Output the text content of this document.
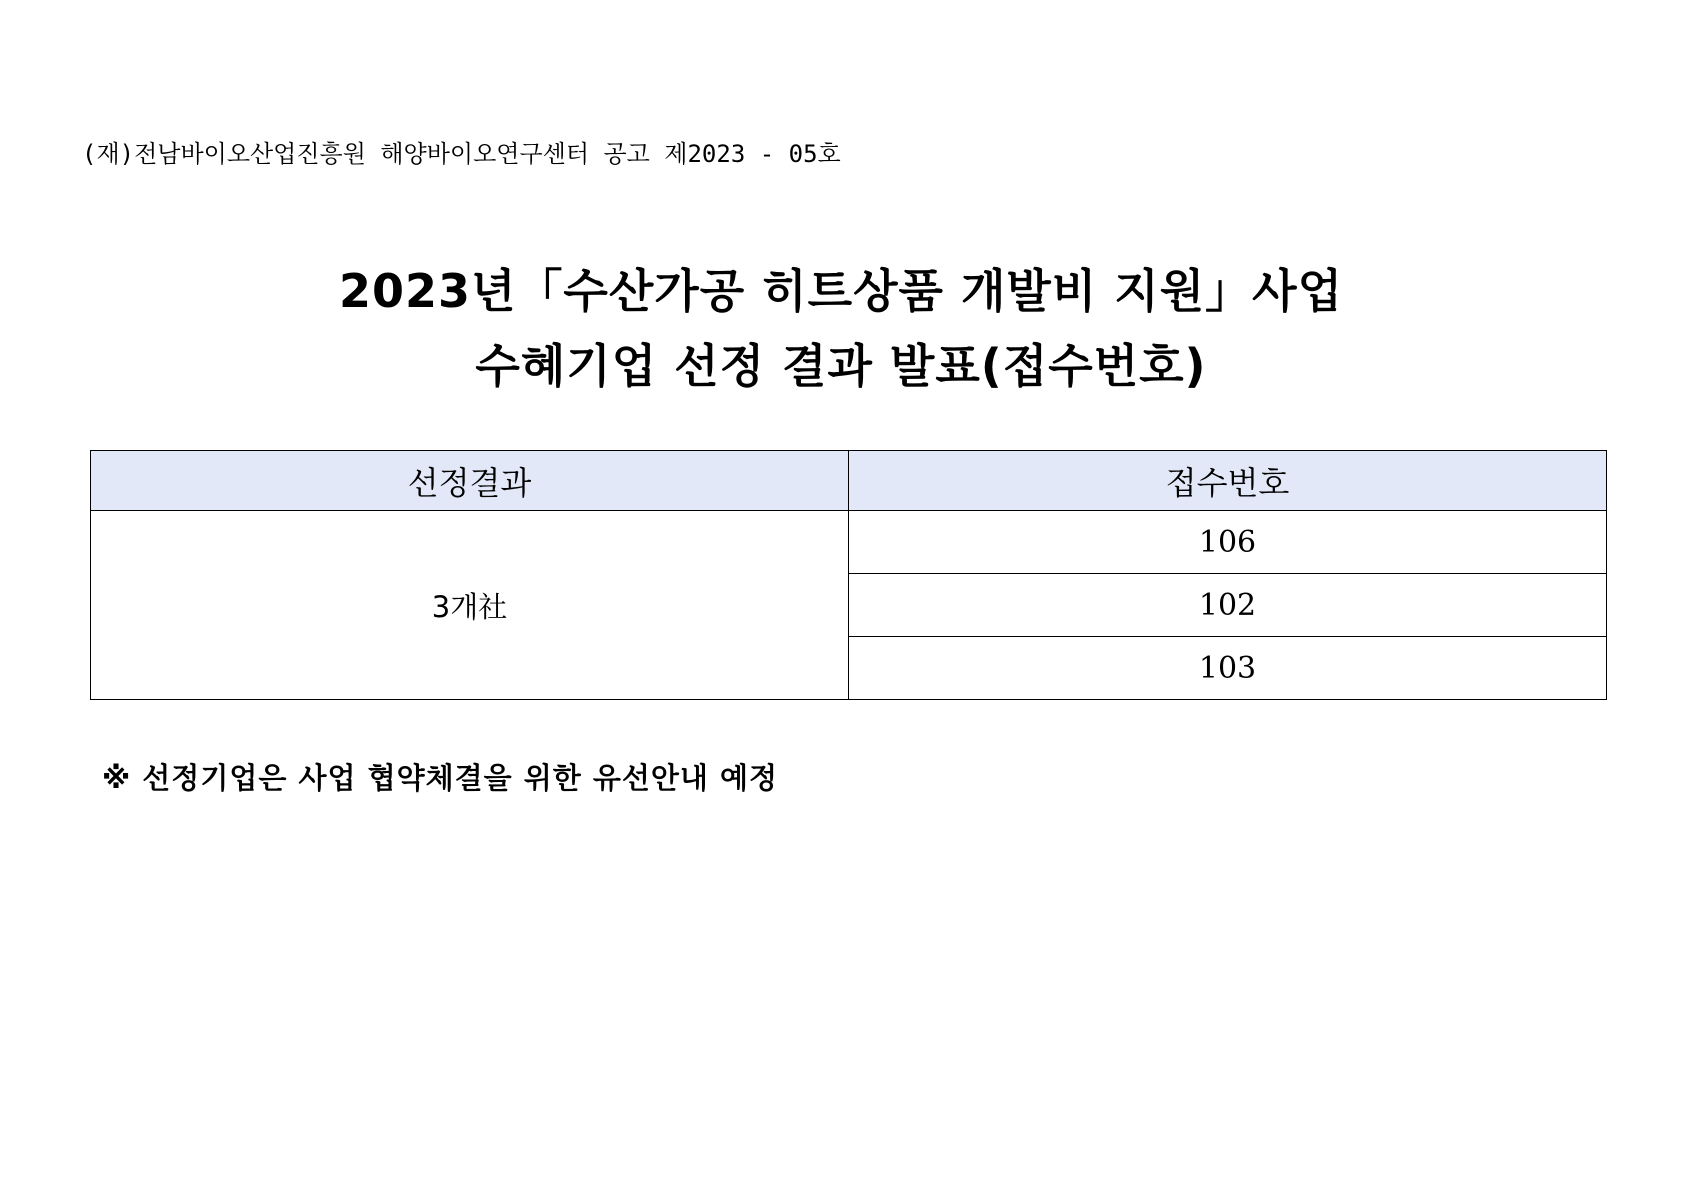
(재)전남바이오산업진흥원 해양바이오연구센터 공고 제2023 - 05호
2023년「수산가공 히트상품 개발비 지원」사업
수혜기업 선정 결과 발표(접수번호)
선정결과	접수번호
3개社	106
	102
	103
※ 선정기업은 사업 협약체결을 위한 유선안내 예정
